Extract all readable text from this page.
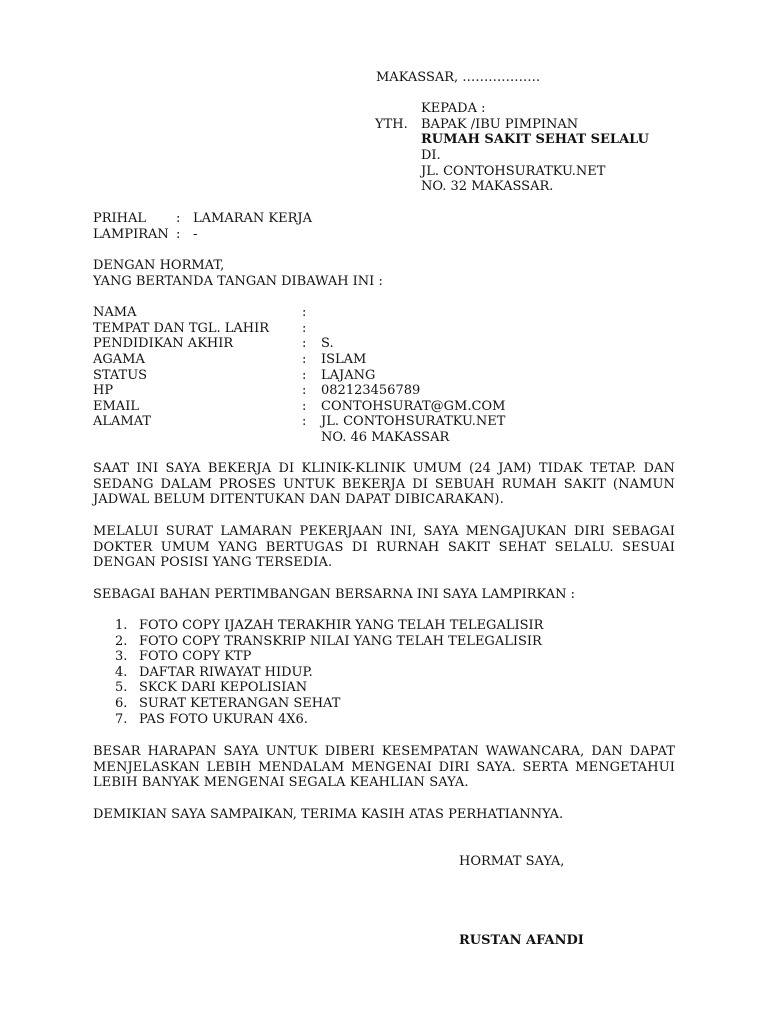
MAKASSAR, ………………
KEPADA :
YTH. BAPAK /IBU PIMPINAN
RUMAH SAKIT SEHAT SELALU
DI.
JL. CONTOHSURATKU.NET
NO. 32 MAKASSAR.
PRIHAL : LAMARAN KERJA
LAMPIRAN : -
DENGAN HORMAT,
YANG BERTANDA TANGAN DIBAWAH INI :
NAMA	:
TEMPAT DAN TGL. LAHIR	:
PENDIDIKAN AKHIR	: S.
AGAMA	: ISLAM
STATUS	: LAJANG
HP	: 082123456789
EMAIL	: CONTOHSURAT@GM.COM
ALAMAT	: JL. CONTOHSURATKU.NET
NO. 46 MAKASSAR
SAAT INI SAYA BEKERJA DI KLINIK-KLINIK UMUM (24 JAM) TIDAK TETAP. DAN SEDANG DALAM PROSES UNTUK BEKERJA DI SEBUAH RUMAH SAKIT (NAMUN JADWAL BELUM DITENTUKAN DAN DAPAT DIBICARAKAN).
MELALUI SURAT LAMARAN PEKERJAAN INI, SAYA MENGAJUKAN DIRI SEBAGAI DOKTER UMUM YANG BERTUGAS DI RURNAH SAKIT SEHAT SELALU. SESUAI DENGAN POSISI YANG TERSEDIA.
SEBAGAI BAHAN PERTIMBANGAN BERSARNA INI SAYA LAMPIRKAN :
1. FOTO COPY IJAZAH TERAKHIR YANG TELAH TELEGALISIR
2. FOTO COPY TRANSKRIP NILAI YANG TELAH TELEGALISIR
3. FOTO COPY KTP
4. DAFTAR RIWAYAT HIDUP.
5. SKCK DARI KEPOLISIAN
6. SURAT KETERANGAN SEHAT
7. PAS FOTO UKURAN 4X6.
BESAR HARAPAN SAYA UNTUK DIBERI KESEMPATAN WAWANCARA, DAN DAPAT MENJELASKAN LEBIH MENDALAM MENGENAI DIRI SAYA. SERTA MENGETAHUI LEBIH BANYAK MENGENAI SEGALA KEAHLIAN SAYA.
DEMIKIAN SAYA SAMPAIKAN, TERIMA KASIH ATAS PERHATIANNYA.
HORMAT SAYA,
RUSTAN AFANDI
